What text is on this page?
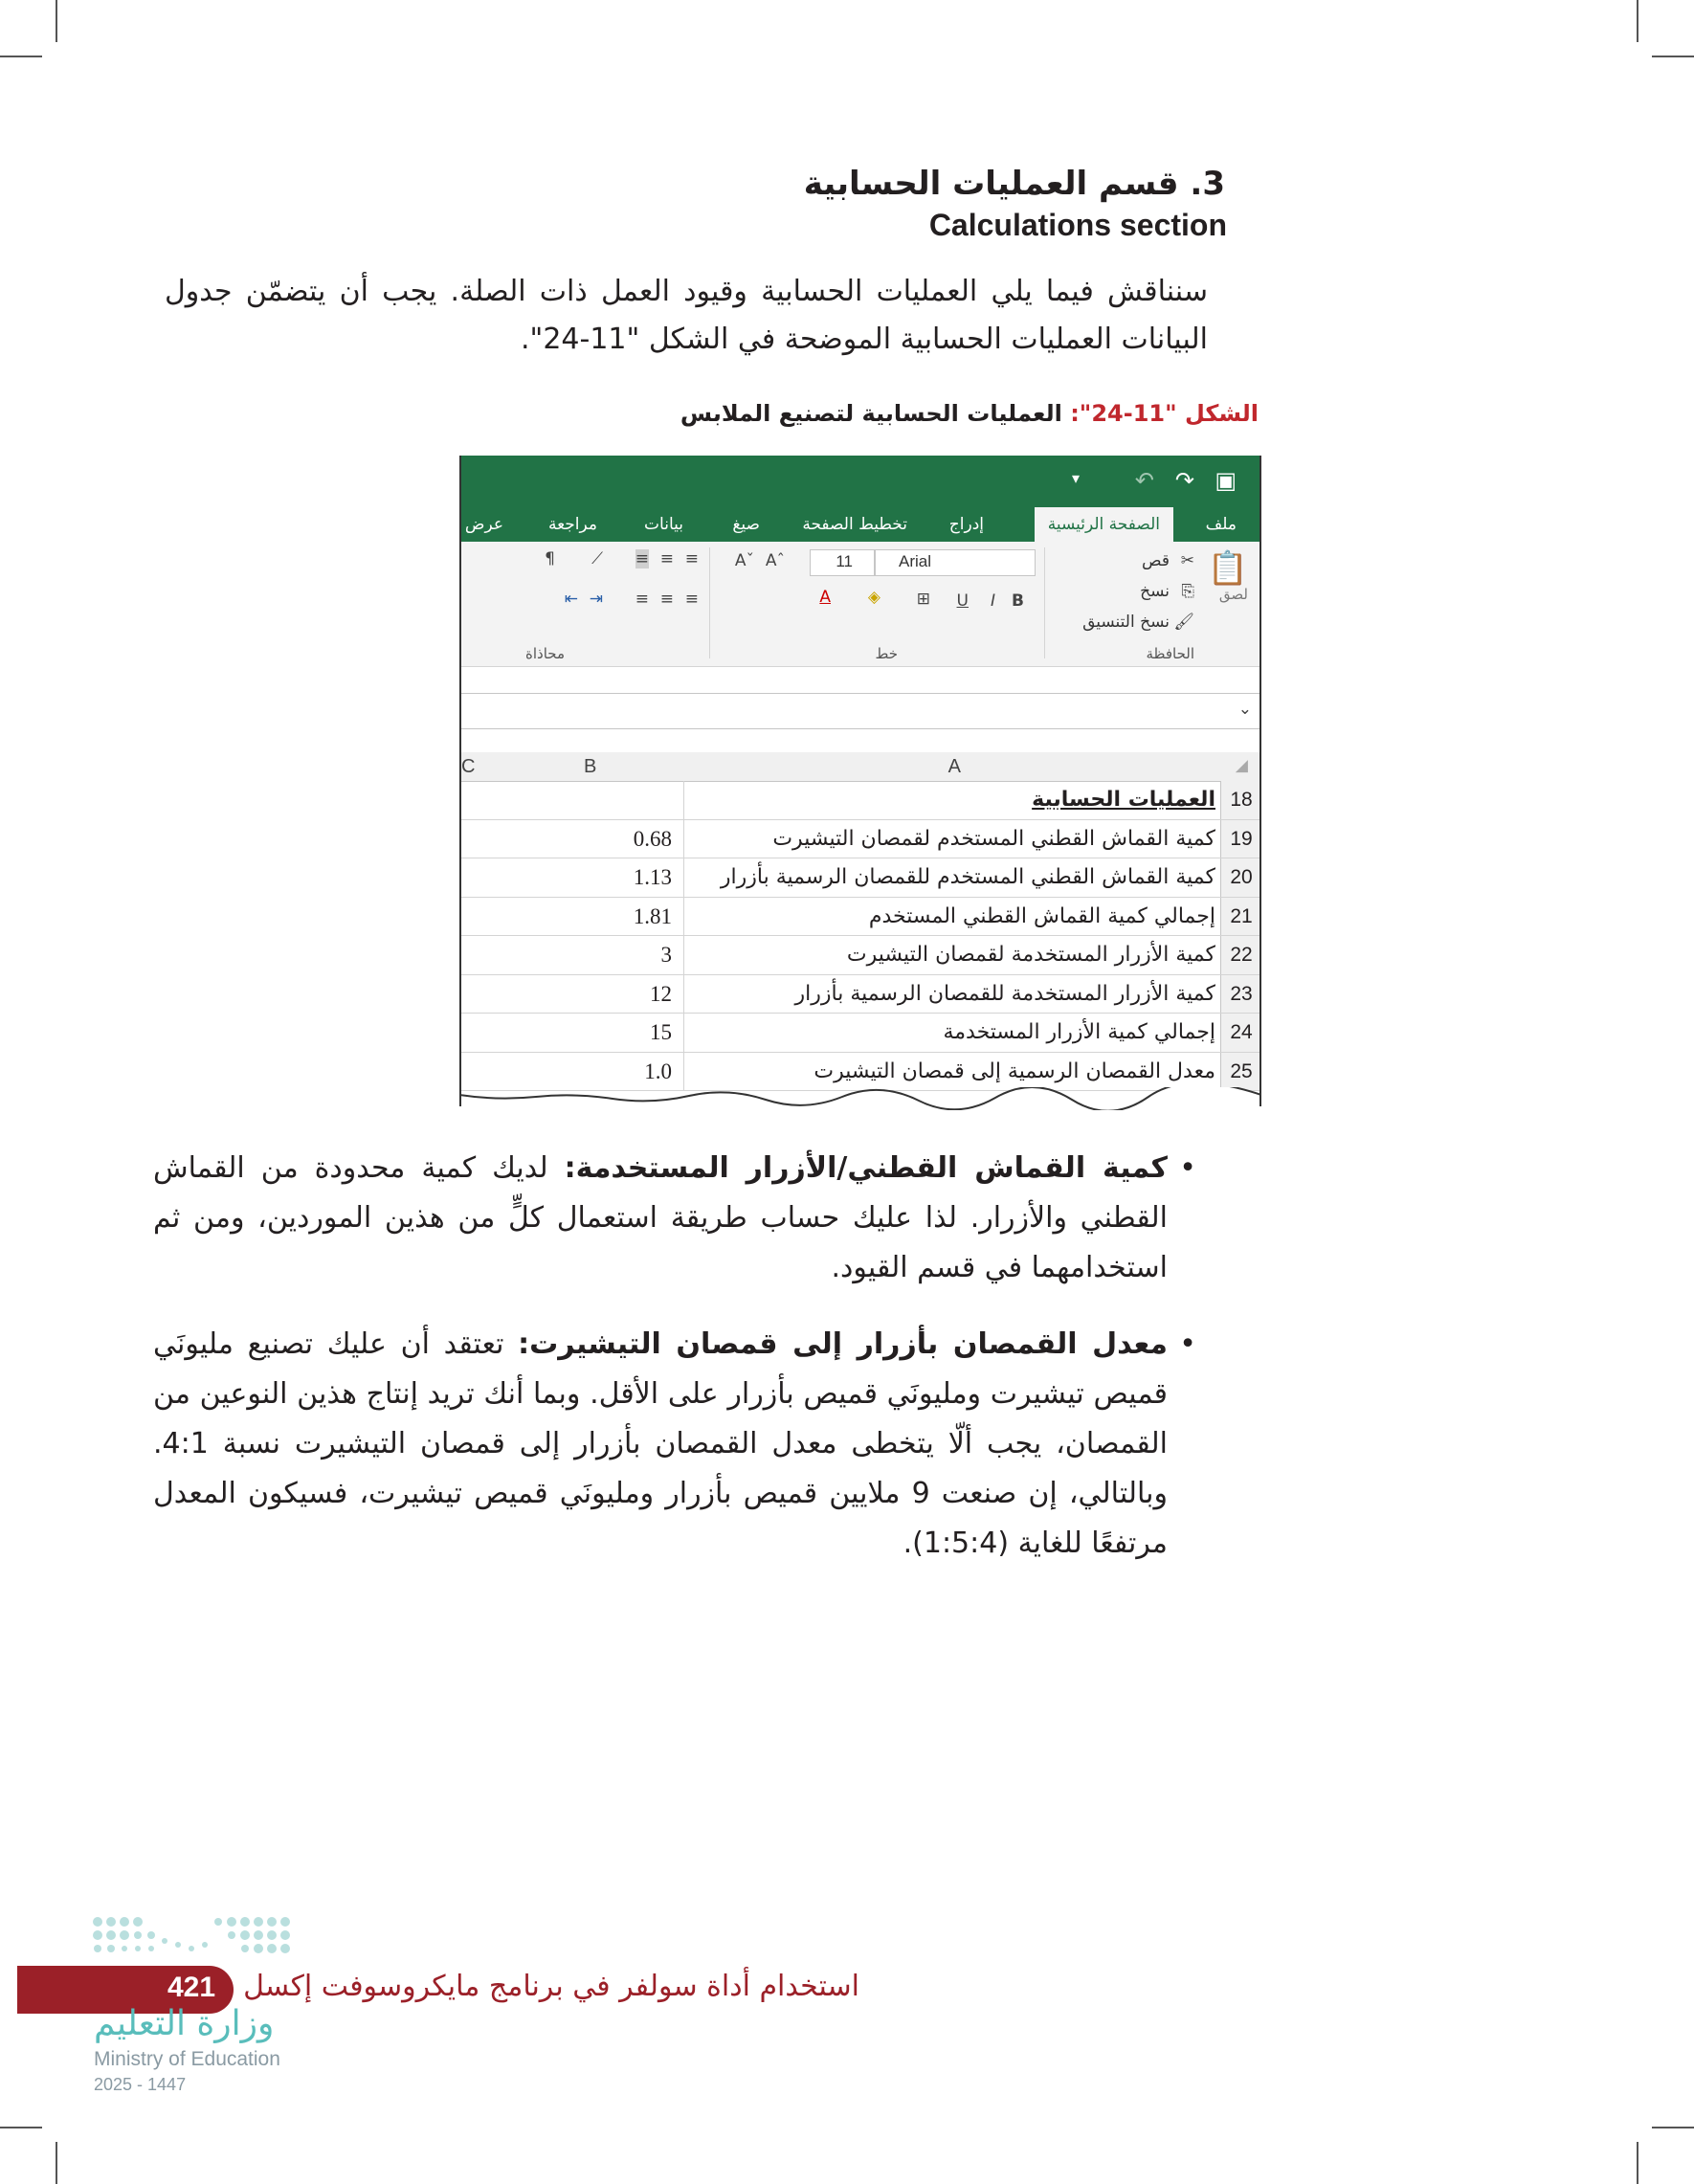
3. قسم العمليات الحسابية
Calculations section
سنناقش فيما يلي العمليات الحسابية وقيود العمل ذات الصلة. يجب أن يتضمّن جدول البيانات العمليات الحسابية الموضحة في الشكل "11-24".
الشكل "11-24": العمليات الحسابية لتصنيع الملابس
▣
↷
↶
▾
ملف
الصفحة الرئيسية
إدراج
تخطيط الصفحة
صيغ
بيانات
مراجعة
عرض
📋
لصق
✂
قص
⎘
نسخ
🖌
نسخ التنسيق
الحافظة
Arial
11
Aˆ
Aˇ
B
I
U
⊞
◈
A
خط
≡
≡
≡
≡
≡
≡
⟋
¶
⇥
⇤
محاذاة
⌄
◢
A
B
C
18
العمليات الحسابية
19
كمية القماش القطني المستخدم لقمصان التيشيرت
0.68
20
كمية القماش القطني المستخدم للقمصان الرسمية بأزرار
1.13
21
إجمالي كمية القماش القطني المستخدم
1.81
22
كمية الأزرار المستخدمة لقمصان التيشيرت
3
23
كمية الأزرار المستخدمة للقمصان الرسمية بأزرار
12
24
إجمالي كمية الأزرار المستخدمة
15
25
معدل القمصان الرسمية إلى قمصان التيشيرت
1.0
• كمية القماش القطني/الأزرار المستخدمة: لديك كمية محدودة من القماش القطني والأزرار. لذا عليك حساب طريقة استعمال كلٍّ من هذين الموردين، ومن ثم استخدامهما في قسم القيود.
• معدل القمصان بأزرار إلى قمصان التيشيرت: تعتقد أن عليك تصنيع مليونَي قميص تيشيرت ومليونَي قميص بأزرار على الأقل. وبما أنك تريد إنتاج هذين النوعين من القمصان، يجب ألّا يتخطى معدل القمصان بأزرار إلى قمصان التيشيرت نسبة 4:1. وبالتالي، إن صنعت 9 ملايين قميص بأزرار ومليونَي قميص تيشيرت، فسيكون المعدل مرتفعًا للغاية (1:5:4).
421 استخدام أداة سولفر في برنامج مايكروسوفت إكسل
وزارة التعليم
Ministry of Education
2025 - 1447
